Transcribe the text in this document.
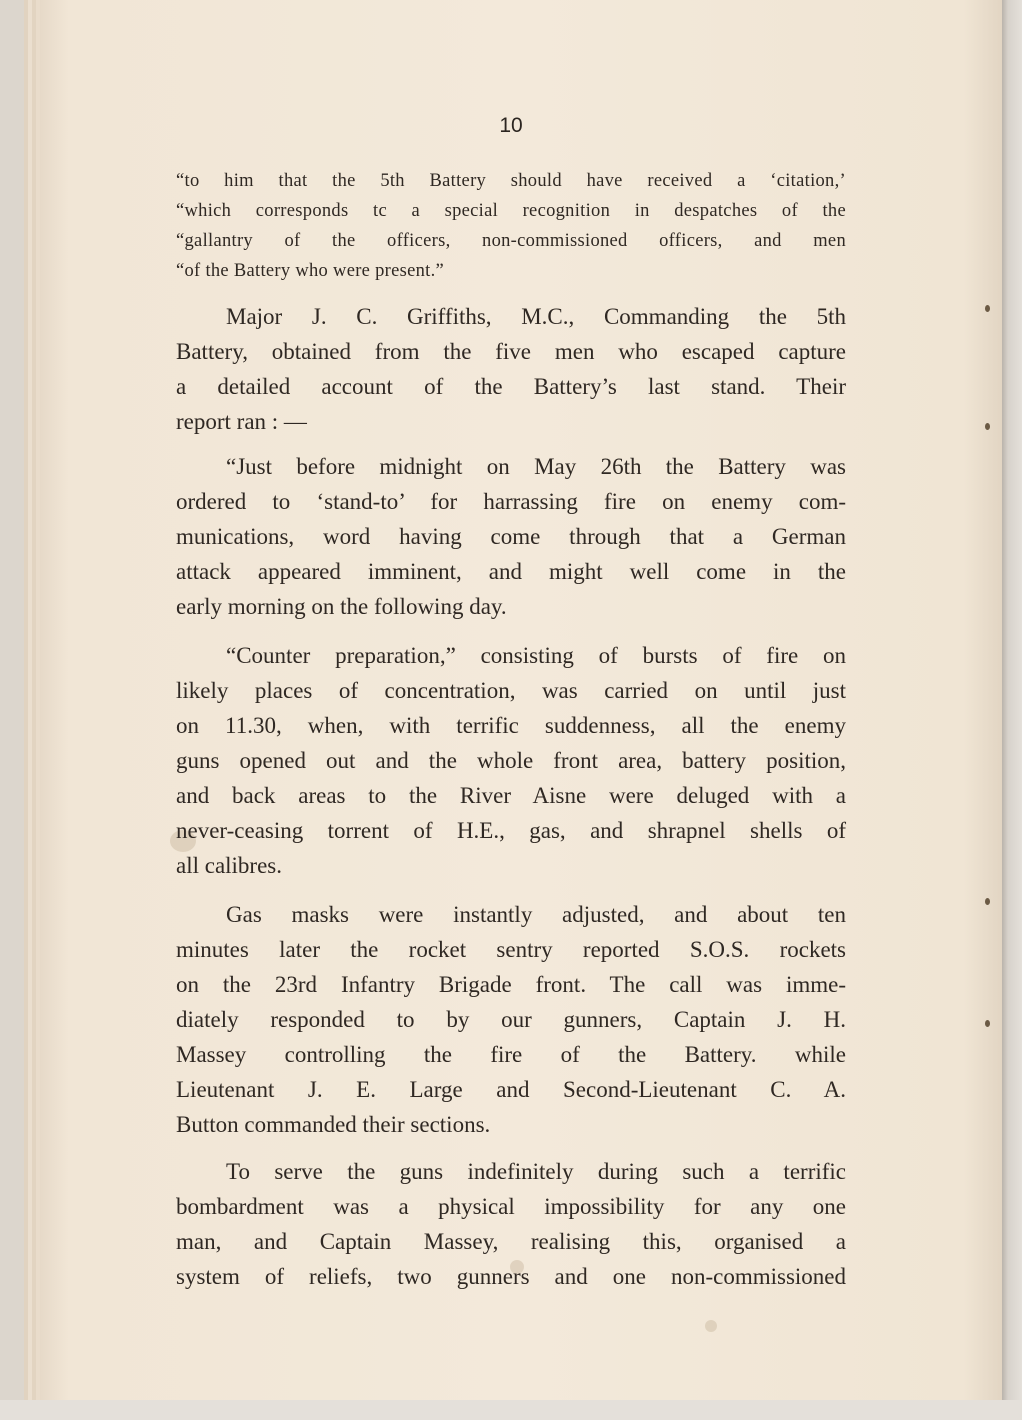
10

“to him that the 5th Battery should have received a ‘citation,’
“which corresponds tc a special recognition in despatches of the
“gallantry of the officers, non-commissioned officers, and men
“of the Battery who were present.”
Major J. C. Griffiths, M.C., Commanding the 5th
Battery, obtained from the five men who escaped capture
a detailed account of the Battery’s last stand. Their
report ran : —
“Just before midnight on May 26th the Battery was
ordered to ‘stand-to’ for harrassing fire on enemy com-
munications, word having come through that a German
attack appeared imminent, and might well come in the
early morning on the following day.
“Counter preparation,” consisting of bursts of fire on
likely places of concentration, was carried on until just
on 11.30, when, with terrific suddenness, all the enemy
guns opened out and the whole front area, battery position,
and back areas to the River Aisne were deluged with a
never-ceasing torrent of H.E., gas, and shrapnel shells of
all calibres.
Gas masks were instantly adjusted, and about ten
minutes later the rocket sentry reported S.O.S. rockets
on the 23rd Infantry Brigade front. The call was imme-
diately responded to by our gunners, Captain J. H.
Massey controlling the fire of the Battery. while
Lieutenant J. E. Large and Second-Lieutenant C. A.
Button commanded their sections.
To serve the guns indefinitely during such a terrific
bombardment was a physical impossibility for any one
man, and Captain Massey, realising this, organised a
system of reliefs, two gunners and one non-commissioned
